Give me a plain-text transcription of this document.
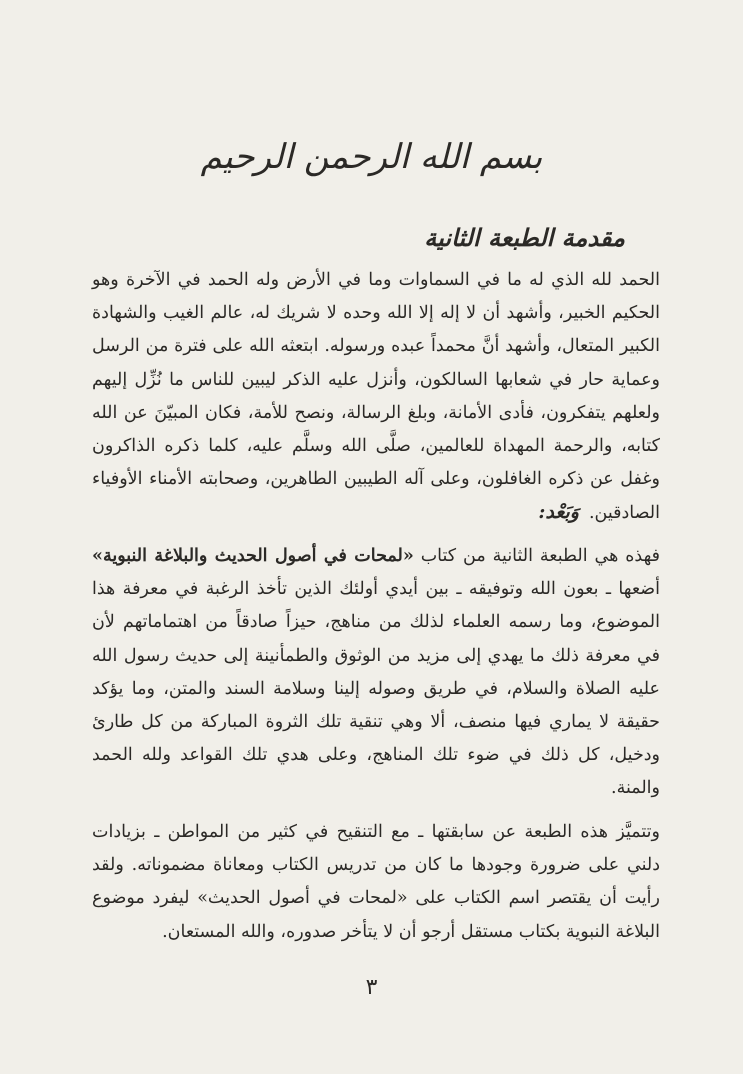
بسم الله الرحمن الرحيم
مقدمة الطبعة الثانية

الحمد لله الذي له ما في السماوات وما في الأرض وله الحمد في الآخرة وهو الحكيم الخبير، وأشهد أن لا إله إلا الله وحده لا شريك له، عالم الغيب والشهادة الكبير المتعال، وأشهد أنَّ محمداً عبده ورسوله. ابتعثه الله على فترة من الرسل وعماية حار في شعابها السالكون، وأنزل عليه الذكر ليبين للناس ما نُزِّل إليهم ولعلهم يتفكرون، فأدى الأمانة، وبلغ الرسالة، ونصح للأمة، فكان المبيّنَ عن الله كتابه، والرحمة المهداة للعالمين، صلَّى الله وسلَّم عليه، كلما ذكره الذاكرون وغفل عن ذكره الغافلون، وعلى آله الطيبين الطاهرين، وصحابته الأمناء الأوفياء الصادقين.وَبَعْد:

فهذه هي الطبعة الثانية من كتاب «لمحات في أصول الحديث والبلاغة النبوية» أضعها ـ بعون الله وتوفيقه ـ بين أيدي أولئك الذين تأخذ الرغبة في معرفة هذا الموضوع، وما رسمه العلماء لذلك من مناهج، حيزاً صادقاً من اهتماماتهم لأن في معرفة ذلك ما يهدي إلى مزيد من الوثوق والطمأنينة إلى حديث رسول الله عليه الصلاة والسلام، في طريق وصوله إلينا وسلامة السند والمتن، وما يؤكد حقيقة لا يماري فيها منصف، ألا وهي تنقية تلك الثروة المباركة من كل طارئ ودخيل، كل ذلك في ضوء تلك المناهج، وعلى هدي تلك القواعد ولله الحمد والمنة.

وتتميَّز هذه الطبعة عن سابقتها ـ مع التنقيح في كثير من المواطن ـ بزيادات دلني على ضرورة وجودها ما كان من تدريس الكتاب ومعاناة مضموناته. ولقد رأيت أن يقتصر اسم الكتاب على «لمحات في أصول الحديث» ليفرد موضوع البلاغة النبوية بكتاب مستقل أرجو أن لا يتأخر صدوره، والله المستعان.

٣
